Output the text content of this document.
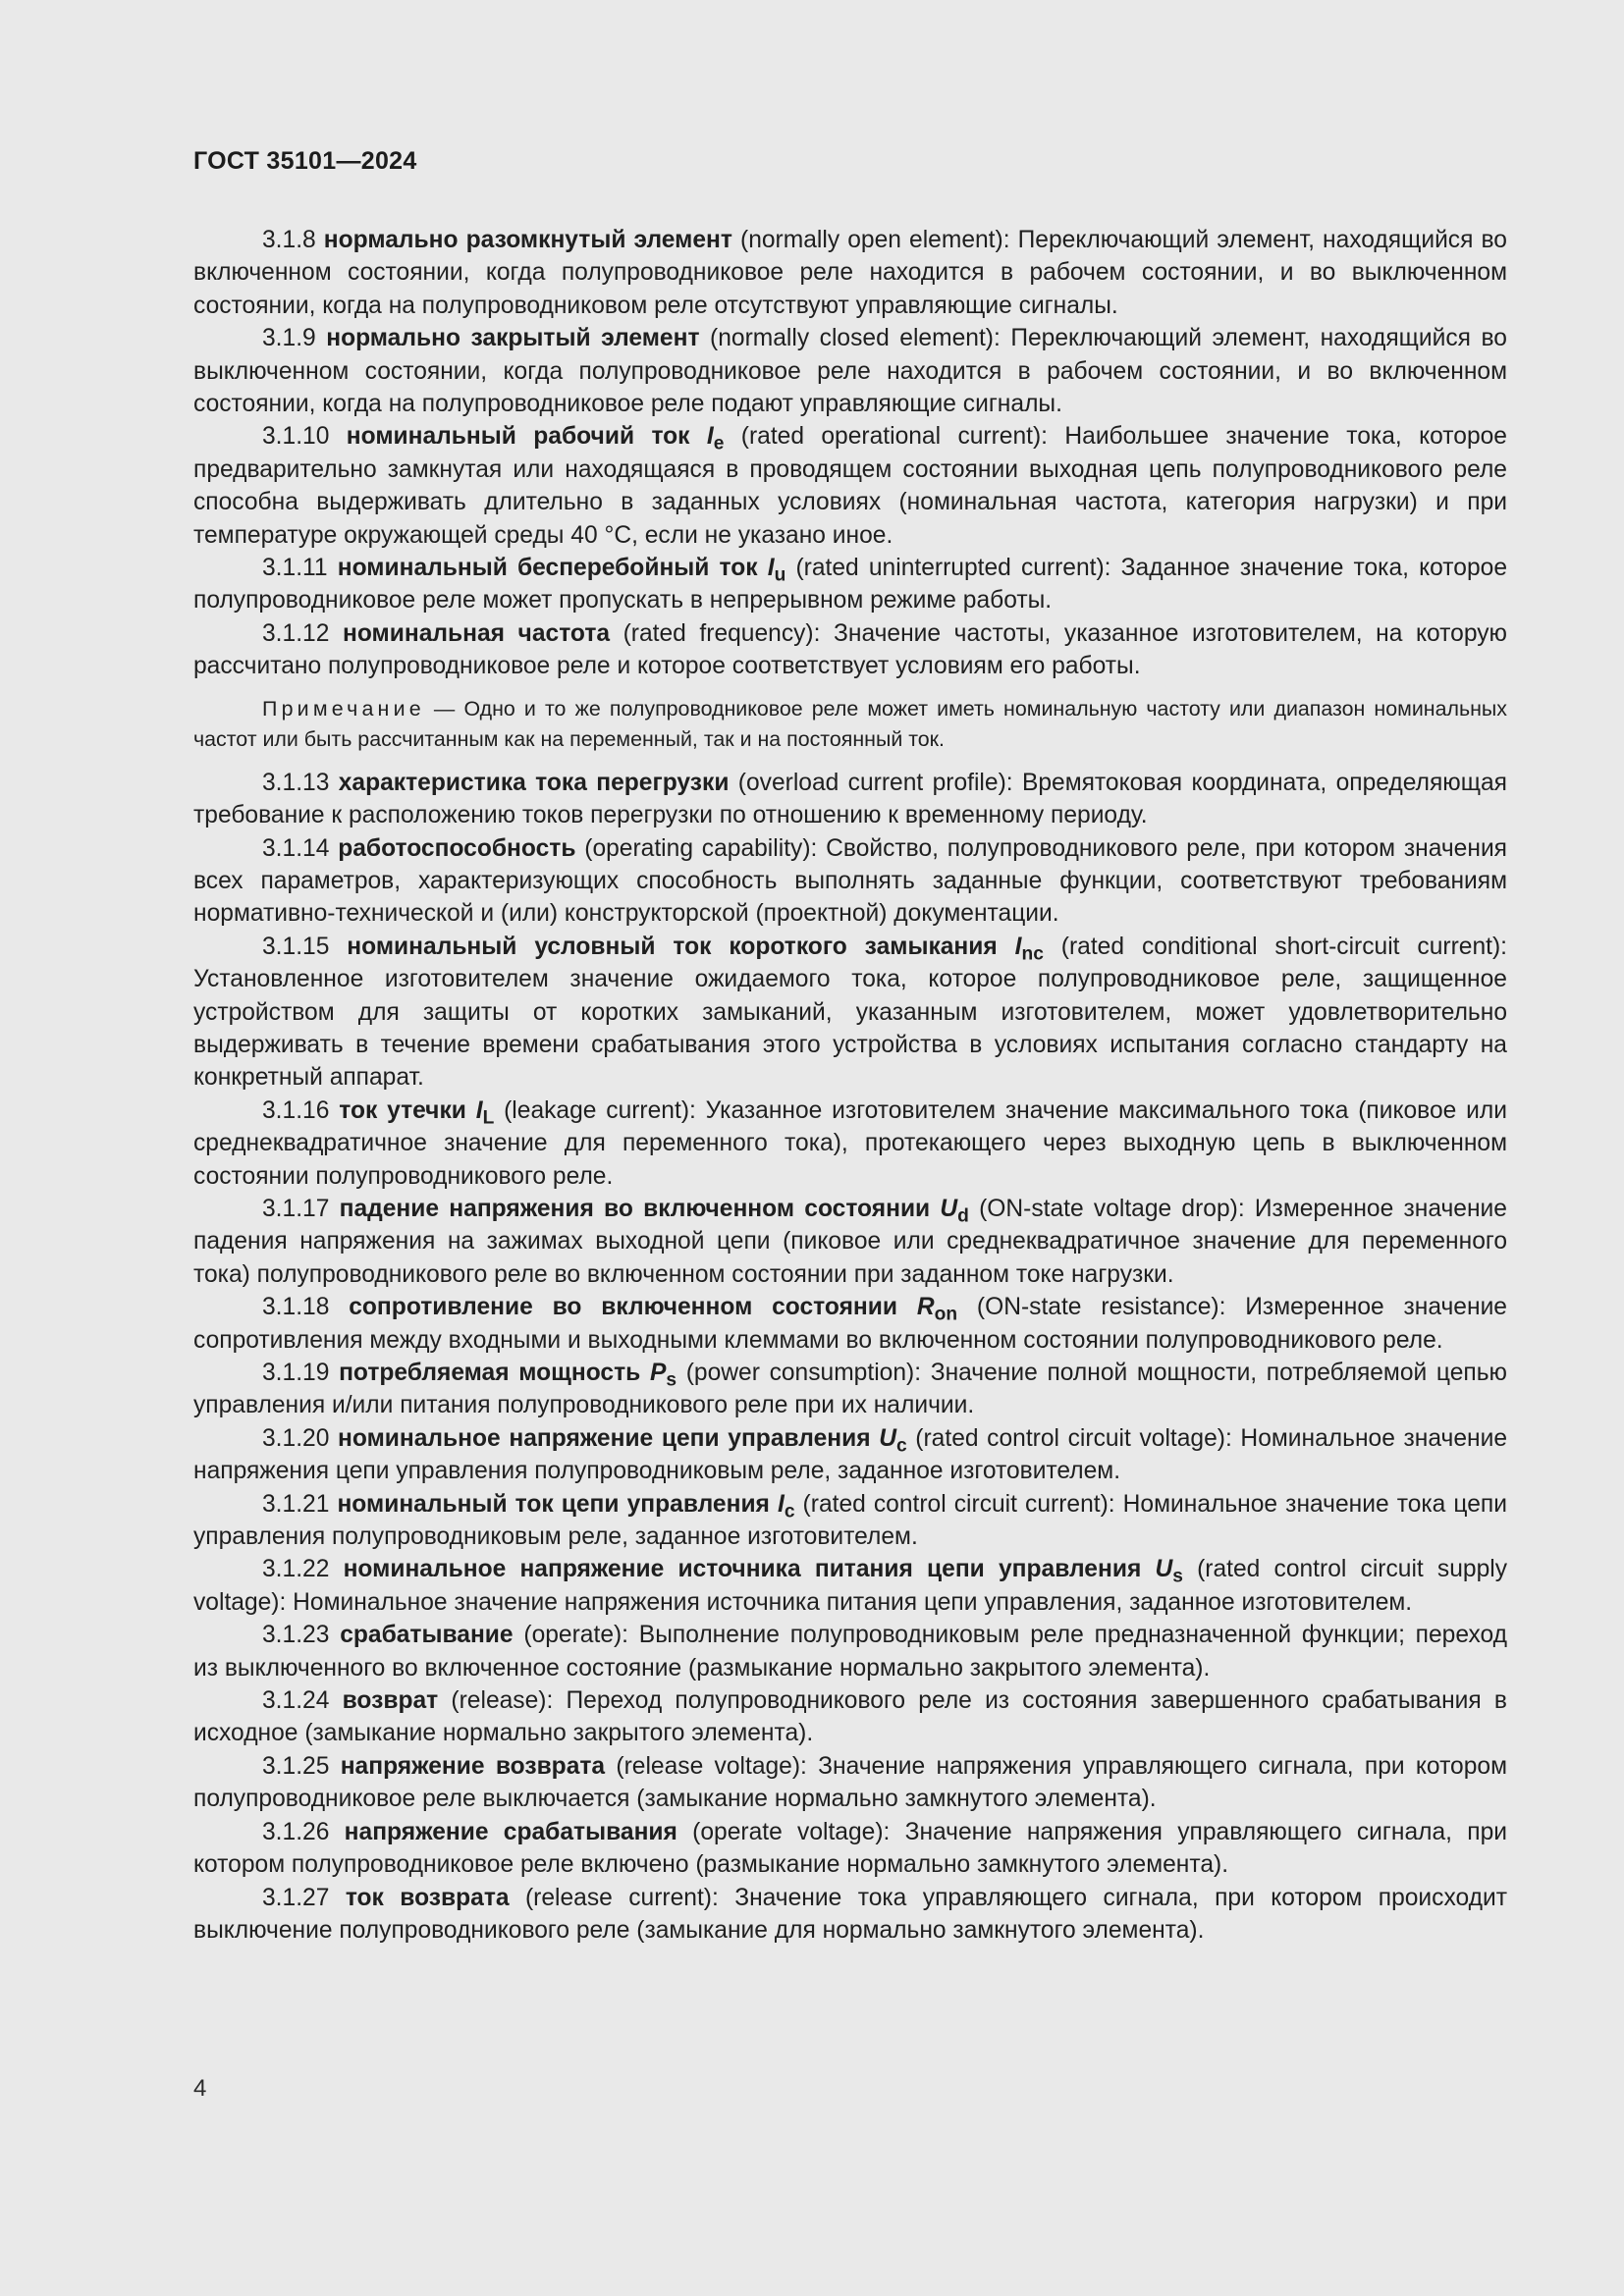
ГОСТ 35101—2024

3.1.8 нормально разомкнутый элемент (normally open element): Переключающий элемент, находящийся во включенном состоянии, когда полупроводниковое реле находится в рабочем состоянии, и во выключенном состоянии, когда на полупроводниковом реле отсутствуют управляющие сигналы.

3.1.9 нормально закрытый элемент (normally closed element): Переключающий элемент, находящийся во выключенном состоянии, когда полупроводниковое реле находится в рабочем состоянии, и во включенном состоянии, когда на полупроводниковое реле подают управляющие сигналы.

3.1.10 номинальный рабочий ток $I_e$ (rated operational current): Наибольшее значение тока, которое предварительно замкнутая или находящаяся в проводящем состоянии выходная цепь полупроводникового реле способна выдерживать длительно в заданных условиях (номинальная частота, категория нагрузки) и при температуре окружающей среды 40 °C, если не указано иное.

3.1.11 номинальный бесперебойный ток $I_u$ (rated uninterrupted current): Заданное значение тока, которое полупроводниковое реле может пропускать в непрерывном режиме работы.

3.1.12 номинальная частота (rated frequency): Значение частоты, указанное изготовителем, на которую рассчитано полупроводниковое реле и которое соответствует условиям его работы.

Примечание — Одно и то же полупроводниковое реле может иметь номинальную частоту или диапазон номинальных частот или быть рассчитанным как на переменный, так и на постоянный ток.

3.1.13 характеристика тока перегрузки (overload current profile): Времятоковая координата, определяющая требование к расположению токов перегрузки по отношению к временному периоду.

3.1.14 работоспособность (operating capability): Свойство, полупроводникового реле, при котором значения всех параметров, характеризующих способность выполнять заданные функции, соответствуют требованиям нормативно-технической и (или) конструкторской (проектной) документации.

3.1.15 номинальный условный ток короткого замыкания $I_{nc}$ (rated conditional short-circuit current): Установленное изготовителем значение ожидаемого тока, которое полупроводниковое реле, защищенное устройством для защиты от коротких замыканий, указанным изготовителем, может удовлетворительно выдерживать в течение времени срабатывания этого устройства в условиях испытания согласно стандарту на конкретный аппарат.

3.1.16 ток утечки $I_L$ (leakage current): Указанное изготовителем значение максимального тока (пиковое или среднеквадратичное значение для переменного тока), протекающего через выходную цепь в выключенном состоянии полупроводникового реле.

3.1.17 падение напряжения во включенном состоянии $U_d$ (ON-state voltage drop): Измеренное значение падения напряжения на зажимах выходной цепи (пиковое или среднеквадратичное значение для переменного тока) полупроводникового реле во включенном состоянии при заданном токе нагрузки.

3.1.18 сопротивление во включенном состоянии $R_{on}$ (ON-state resistance): Измеренное значение сопротивления между входными и выходными клеммами во включенном состоянии полупроводникового реле.

3.1.19 потребляемая мощность $P_s$ (power consumption): Значение полной мощности, потребляемой цепью управления и/или питания полупроводникового реле при их наличии.

3.1.20 номинальное напряжение цепи управления $U_c$ (rated control circuit voltage): Номинальное значение напряжения цепи управления полупроводниковым реле, заданное изготовителем.

3.1.21 номинальный ток цепи управления $I_c$ (rated control circuit current): Номинальное значение тока цепи управления полупроводниковым реле, заданное изготовителем.

3.1.22 номинальное напряжение источника питания цепи управления $U_s$ (rated control circuit supply voltage): Номинальное значение напряжения источника питания цепи управления, заданное изготовителем.

3.1.23 срабатывание (operate): Выполнение полупроводниковым реле предназначенной функции; переход из выключенного во включенное состояние (размыкание нормально закрытого элемента).

3.1.24 возврат (release): Переход полупроводникового реле из состояния завершенного срабатывания в исходное (замыкание нормально закрытого элемента).

3.1.25 напряжение возврата (release voltage): Значение напряжения управляющего сигнала, при котором полупроводниковое реле выключается (замыкание нормально замкнутого элемента).

3.1.26 напряжение срабатывания (operate voltage): Значение напряжения управляющего сигнала, при котором полупроводниковое реле включено (размыкание нормально замкнутого элемента).

3.1.27 ток возврата (release current): Значение тока управляющего сигнала, при котором происходит выключение полупроводникового реле (замыкание для нормально замкнутого элемента).

4
